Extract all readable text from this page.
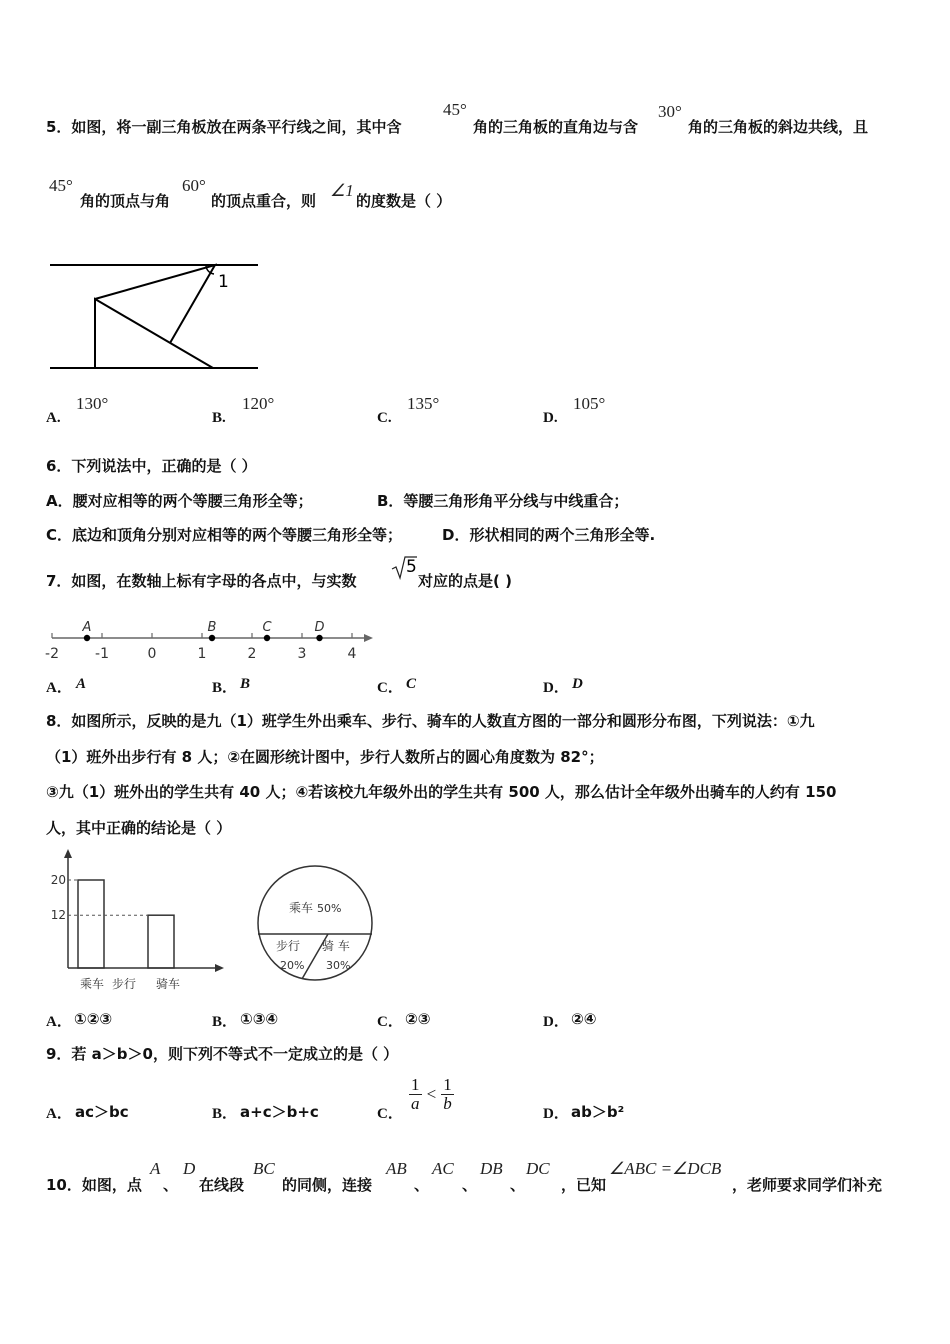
5．如图，将一副三角板放在两条平行线之间，其中含
45°
角的三角板的直角边与含
30°
角的三角板的斜边共线，且
45°
角的顶点与角
60°
的顶点重合，则
∠1
的度数是（ ）
1
A.
130°
B.
120°
C.
135°
D.
105°
6．下列说法中，正确的是（ ）
A．腰对应相等的两个等腰三角形全等；	B．等腰三角形角平分线与中线重合；
C．底边和顶角分别对应相等的两个等腰三角形全等；	D．形状相同的两个三角形全等.
7．如图，在数轴上标有字母的各点中，与实数
5
对应的点是( )
-2	-1	0	1	2	3	4
A	B	C	D
A． A	B． B	C． C	D． D
8．如图所示，反映的是九（1）班学生外出乘车、步行、骑车的人数直方图的一部分和圆形分布图，下列说法：①九
（1）班外出步行有 8 人；②在圆形统计图中，步行人数所占的圆心角度数为 82°；
③九（1）班外出的学生共有 40 人；④若该校九年级外出的学生共有 500 人，那么估计全年级外出骑车的人约有 150
人，其中正确的结论是（ ）
20
12
乘车 步行 骑车
乘车 50%
步行
20%
骑 车
30%
A． ①②③	B． ①③④	C． ②③	D． ②④
9．若 a＞b＞0，则下列不等式不一定成立的是（ ）
A． ac＞bc	B． a+c＞b+c	C．
$\frac{1}{a} < \frac{1}{b}$
D． ab＞b²
10．如图，点
A
、
D
在线段
BC
的同侧，连接
AB
、
AC
、
DB
、
DC
，已知
∠ABC =∠DCB
，老师要求同学们补充
